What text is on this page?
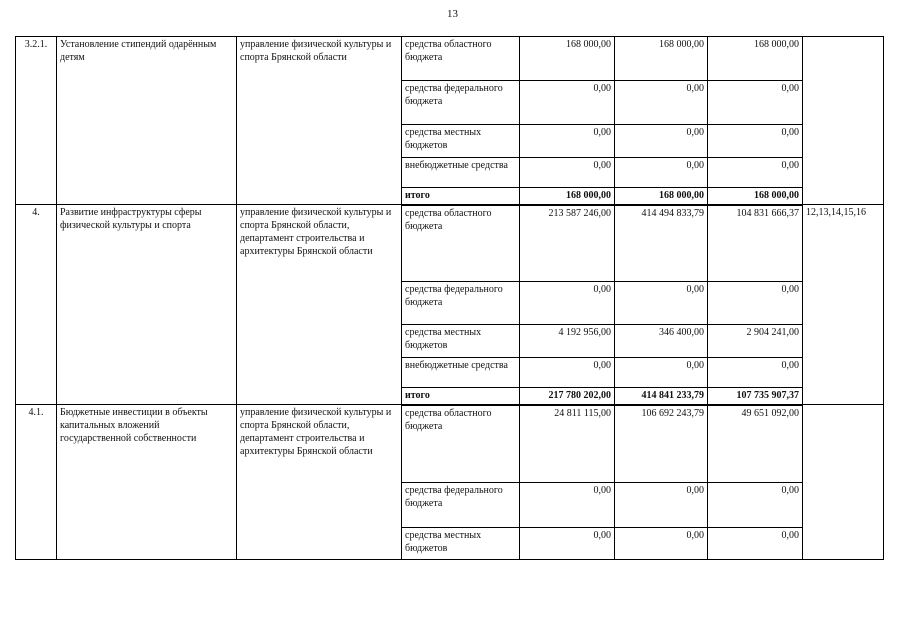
13
3.2.1.	Установление стипендий одарённым детям	управление физической культуры и спорта Брянской области	средства областного бюджета	168 000,00	168 000,00	168 000,00	
			средства федерального бюджета	0,00	0,00	0,00	
			средства местных бюджетов	0,00	0,00	0,00	
			внебюджетные средства	0,00	0,00	0,00	
			итого	168 000,00	168 000,00	168 000,00	
4.	Развитие инфраструктуры сферы физической культуры и спорта	управление физической культуры и спорта Брянской области, департамент строительства и архитектуры Брянской области	средства областного бюджета	213 587 246,00	414 494 833,79	104 831 666,37	12,13,14,15,16
			средства федерального бюджета	0,00	0,00	0,00	
			средства местных бюджетов	4 192 956,00	346 400,00	2 904 241,00	
			внебюджетные средства	0,00	0,00	0,00	
			итого	217 780 202,00	414 841 233,79	107 735 907,37	
4.1.	Бюджетные инвестиции в объекты капитальных вложений государственной собственности	управление физической культуры и спорта Брянской области, департамент строительства и архитектуры Брянской области	средства областного бюджета	24 811 115,00	106 692 243,79	49 651 092,00	
			средства федерального бюджета	0,00	0,00	0,00	
			средства местных бюджетов	0,00	0,00	0,00	
